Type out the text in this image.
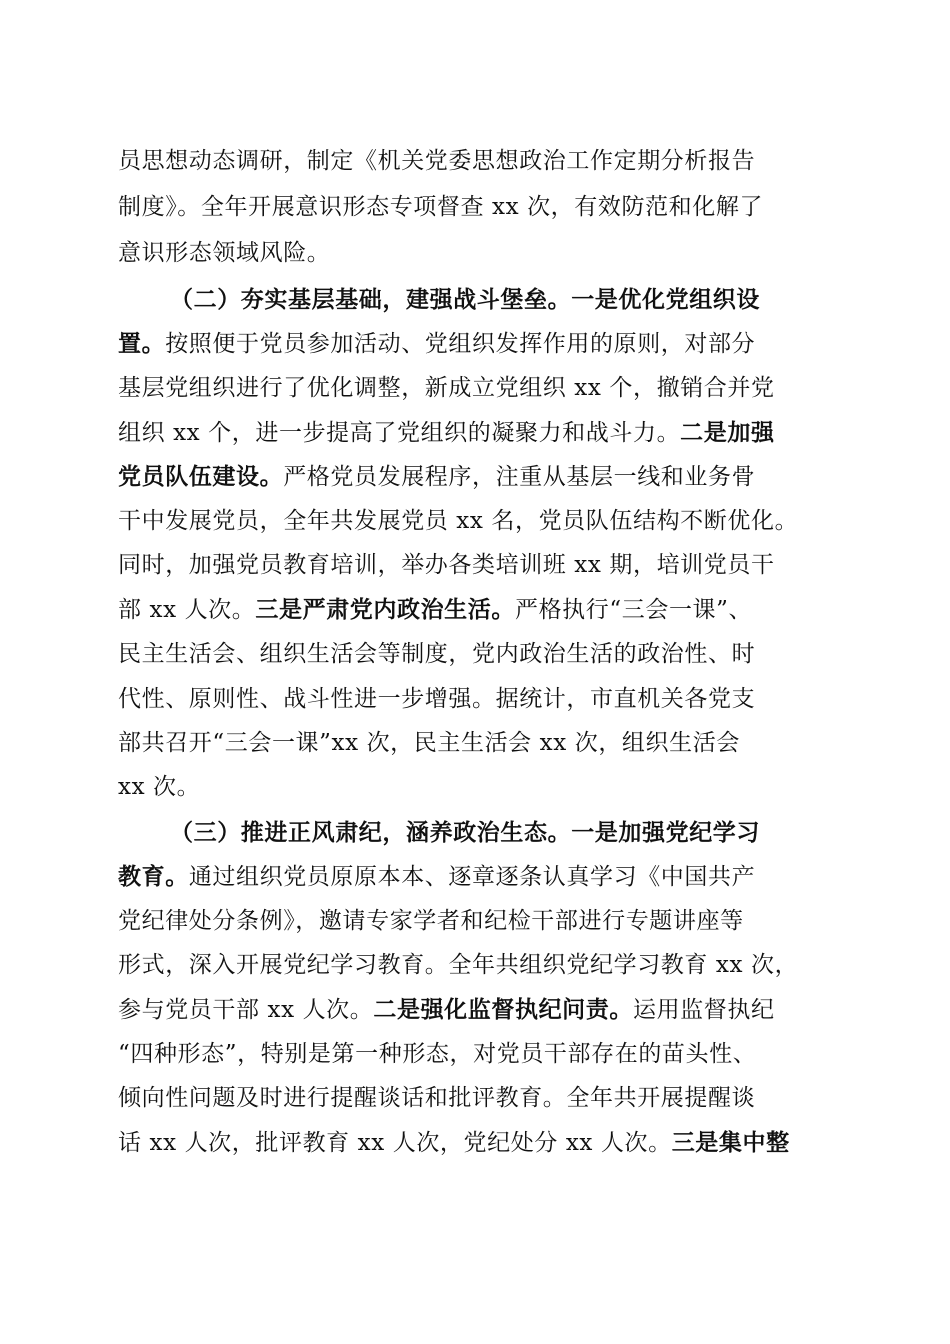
员思想动态调研，制定《机关党委思想政治工作定期分析报告
制度》。全年开展意识形态专项督查 xx 次，有效防范和化解了
意识形态领域风险。
（二）夯实基层基础，建强战斗堡垒。一是优化党组织设
置。按照便于党员参加活动、党组织发挥作用的原则，对部分
基层党组织进行了优化调整，新成立党组织 xx 个，撤销合并党
组织 xx 个，进一步提高了党组织的凝聚力和战斗力。二是加强
党员队伍建设。严格党员发展程序，注重从基层一线和业务骨
干中发展党员，全年共发展党员 xx 名，党员队伍结构不断优化。
同时，加强党员教育培训，举办各类培训班 xx 期，培训党员干
部 xx 人次。三是严肃党内政治生活。严格执行“三会一课”、
民主生活会、组织生活会等制度，党内政治生活的政治性、时
代性、原则性、战斗性进一步增强。据统计，市直机关各党支
部共召开“三会一课”xx 次，民主生活会 xx 次，组织生活会
xx 次。
（三）推进正风肃纪，涵养政治生态。一是加强党纪学习
教育。通过组织党员原原本本、逐章逐条认真学习《中国共产
党纪律处分条例》，邀请专家学者和纪检干部进行专题讲座等
形式，深入开展党纪学习教育。全年共组织党纪学习教育 xx 次，
参与党员干部 xx 人次。二是强化监督执纪问责。运用监督执纪
“四种形态”，特别是第一种形态，对党员干部存在的苗头性、
倾向性问题及时进行提醒谈话和批评教育。全年共开展提醒谈
话 xx 人次，批评教育 xx 人次，党纪处分 xx 人次。三是集中整
